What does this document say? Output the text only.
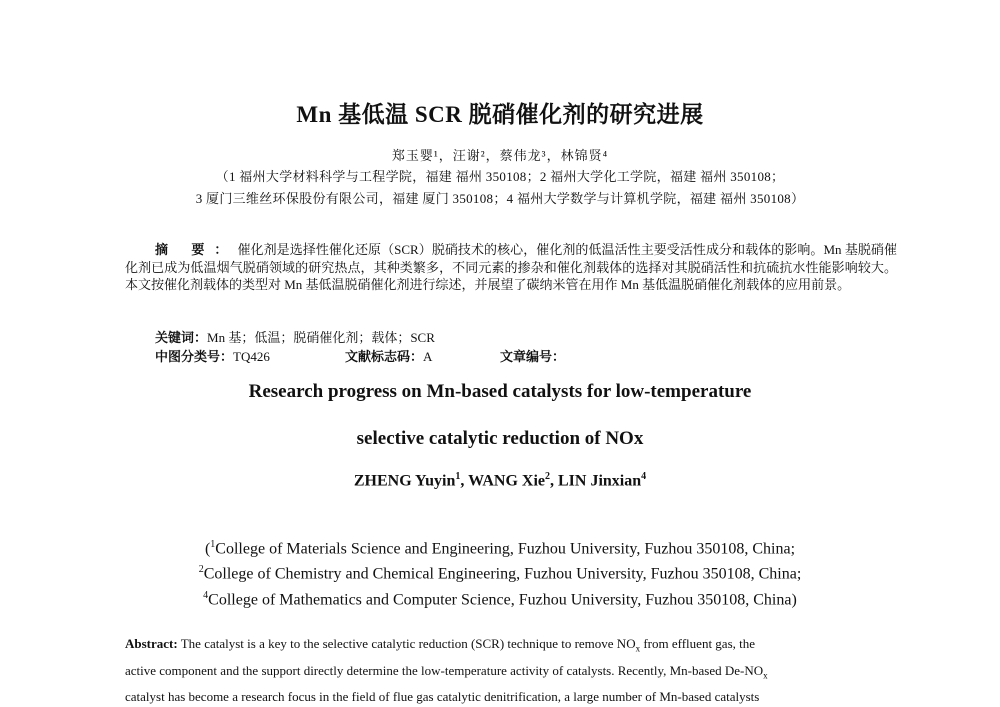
Mn 基低温 SCR 脱硝催化剂的研究进展
郑玉婴¹，汪谢²，蔡伟龙³，林锦贤⁴
（1 福州大学材料科学与工程学院，福建 福州 350108；2 福州大学化工学院，福建 福州 350108；
3 厦门三维丝环保股份有限公司，福建 厦门 350108；4 福州大学数学与计算机学院，福建 福州 350108）
摘 要：催化剂是选择性催化还原（SCR）脱硝技术的核心，催化剂的低温活性主要受活性成分和载体的影响。Mn 基脱硝催化剂已成为低温烟气脱硝领域的研究热点，其种类繁多，不同元素的掺杂和催化剂载体的选择对其脱硝活性和抗硫抗水性能影响较大。本文按催化剂载体的类型对 Mn 基低温脱硝催化剂进行综述，并展望了碳纳米管在用作 Mn 基低温脱硝催化剂载体的应用前景。
关键词：Mn 基；低温；脱硝催化剂；载体；SCR
中图分类号：TQ426	文献标志码：A	文章编号：
Research progress on Mn-based catalysts for low-temperature
selective catalytic reduction of NOx
ZHENG Yuyin$^1$, WANG Xie$^2$, LIN Jinxian$^4$
($^1$College of Materials Science and Engineering, Fuzhou University, Fuzhou 350108, China;
$^2$College of Chemistry and Chemical Engineering, Fuzhou University, Fuzhou 350108, China;
$^4$College of Mathematics and Computer Science, Fuzhou University, Fuzhou 350108, China)
Abstract: The catalyst is a key to the selective catalytic reduction (SCR) technique to remove $NO_x$ from effluent gas, the
active component and the support directly determine the low-temperature activity of catalysts. Recently, Mn-based $De-NO_x$
catalyst has become a research focus in the field of flue gas catalytic denitrification, a large number of Mn-based catalysts
